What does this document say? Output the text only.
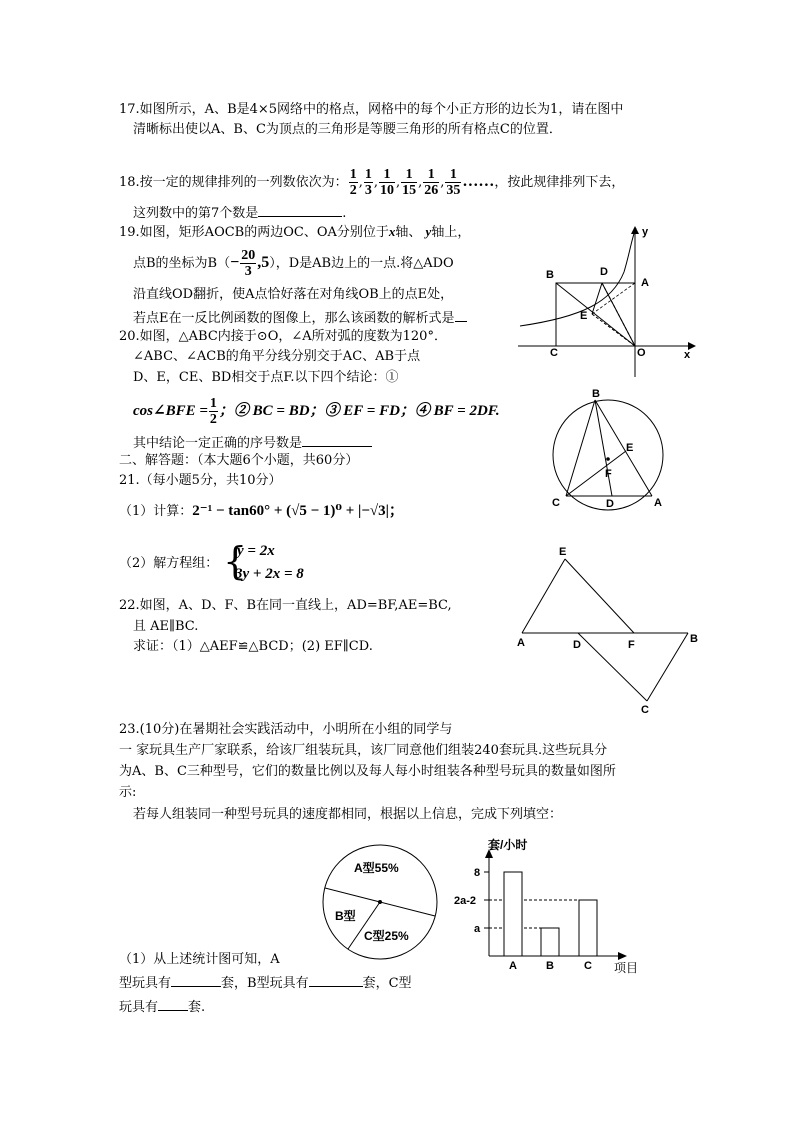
17.如图所示，A、B是4×5网络中的格点，网格中的每个小正方形的边长为1，请在图中
清晰标出使以A、B、C为顶点的三角形是等腰三角形的所有格点C的位置．
18.按一定的规律排列的一列数依次为： $\frac{1}{2}$ , $\frac{1}{3}$ , $\frac{1}{10}$ , $\frac{1}{15}$ , $\frac{1}{26}$ , $\frac{1}{35}$ ……，按此规律排列下去，
这列数中的第7个数是	.
19.如图，矩形AOCB的两边OC、OA分别位于x轴、 y轴上，
点B的坐标为$B(- \frac{20}{3} ,5)$，D是AB边上的一点.将△ADO
沿直线OD翻折，使A点恰好落在对角线OB上的点E处，
若点E在一反比例函数的图像上，那么该函数的解析式是
B	D
A
E
C	O	x
y
20.如图，△ABC内接于⊙O，∠A所对弧的度数为120°．
∠ABC、∠ACB的角平分线分别交于AC、AB于点
D、E，CE、BD相交于点F.以下四个结论：①
cos∠BFE = $\frac{1}{2}$ ；② BC = BD；③ EF = FD；④ BF = 2DF.
其中结论一定正确的序号数是
B
E
F
C	D	A
二、解答题：（本大题6个小题，共60分）
21.（每小题5分，共10分）
（1）计算：2⁻¹ − tan60° + (√5 − 1)⁰ + |−√3|；
（2）解方程组： {
y = 2x
3y + 2x = 8
22.如图，A、D、F、B在同一直线上，AD=BF,AE=BC,
且 AE∥BC.
求证：（1）△AEF≌△BCD；(2) EF∥CD.
E
A	D	F	B
C
23.(10分)在暑期社会实践活动中，小明所在小组的同学与
一 家玩具生产厂家联系，给该厂组装玩具，该厂同意他们组装240套玩具.这些玩具分
为A、B、C三种型号，它们的数量比例以及每人每小时组装各种型号玩具的数量如图所
示:
若每人组装同一种型号玩具的速度都相同，根据以上信息，完成下列填空：
A型55%
B型
C型25%
套/小时
8
2a-2
a
A	B	C 项目
（1）从上述统计图可知，A
型玩具有	套，B型玩具有	套，C型
玩具有 套.
